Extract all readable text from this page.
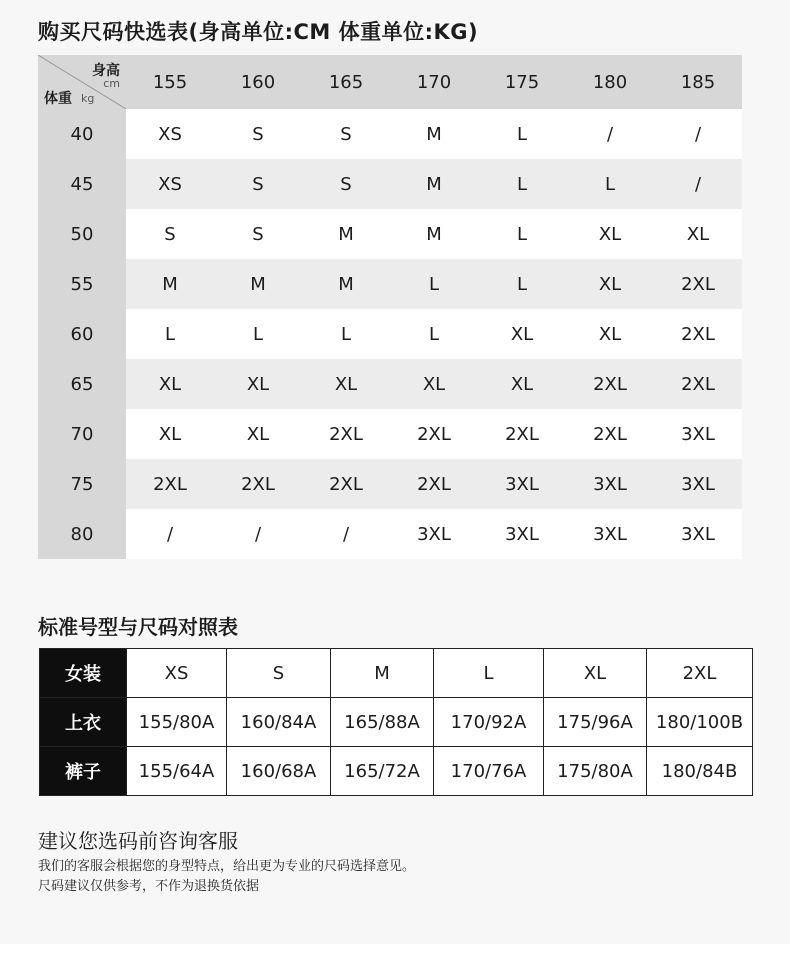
购买尺码快选表(身高单位:CM 体重单位:KG)
身高
cm
体重 kg	155	160	165	170	175	180	185
40	XS	S	S	M	L	/	/
45	XS	S	S	M	L	L	/
50	S	S	M	M	L	XL	XL
55	M	M	M	L	L	XL	2XL
60	L	L	L	L	XL	XL	2XL
65	XL	XL	XL	XL	XL	2XL	2XL
70	XL	XL	2XL	2XL	2XL	2XL	3XL
75	2XL	2XL	2XL	2XL	3XL	3XL	3XL
80	/	/	/	3XL	3XL	3XL	3XL
标准号型与尺码对照表
女装	XS	S	M	L	XL	2XL
上衣	155/80A	160/84A	165/88A	170/92A	175/96A	180/100B
裤子	155/64A	160/68A	165/72A	170/76A	175/80A	180/84B
建议您选码前咨询客服
我们的客服会根据您的身型特点，给出更为专业的尺码选择意见。
尺码建议仅供参考，不作为退换货依据
